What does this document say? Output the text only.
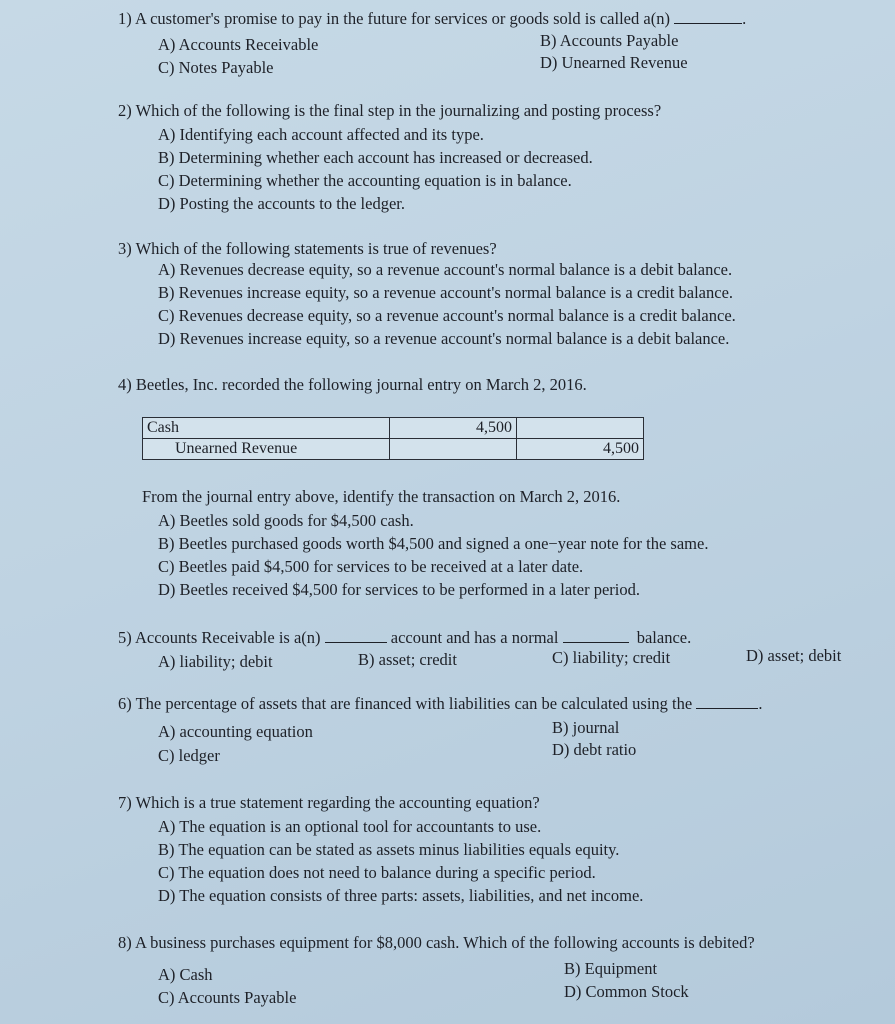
1) A customer's promise to pay in the future for services or goods sold is called a(n)	.
A) Accounts Receivable	B) Accounts Payable
C) Notes Payable	D) Unearned Revenue
2) Which of the following is the final step in the journalizing and posting process?
A) Identifying each account affected and its type.
B) Determining whether each account has increased or decreased.
C) Determining whether the accounting equation is in balance.
D) Posting the accounts to the ledger.
3) Which of the following statements is true of revenues?
A) Revenues decrease equity, so a revenue account's normal balance is a debit balance.
B) Revenues increase equity, so a revenue account's normal balance is a credit balance.
C) Revenues decrease equity, so a revenue account's normal balance is a credit balance.
D) Revenues increase equity, so a revenue account's normal balance is a debit balance.
4) Beetles, Inc. recorded the following journal entry on March 2, 2016.
Cash	4,500	
Unearned Revenue		4,500
From the journal entry above, identify the transaction on March 2, 2016.
A) Beetles sold goods for $4,500 cash.
B) Beetles purchased goods worth $4,500 and signed a one−year note for the same.
C) Beetles paid $4,500 for services to be received at a later date.
D) Beetles received $4,500 for services to be performed in a later period.
5) Accounts Receivable is a(n)	account and has a normal	balance.
A) liability; debit	B) asset; credit	C) liability; credit	D) asset; debit
6) The percentage of assets that are financed with liabilities can be calculated using the	.
A) accounting equation	B) journal
C) ledger	D) debt ratio
7) Which is a true statement regarding the accounting equation?
A) The equation is an optional tool for accountants to use.
B) The equation can be stated as assets minus liabilities equals equity.
C) The equation does not need to balance during a specific period.
D) The equation consists of three parts: assets, liabilities, and net income.
8) A business purchases equipment for $8,000 cash. Which of the following accounts is debited?
A) Cash	B) Equipment
C) Accounts Payable	D) Common Stock
